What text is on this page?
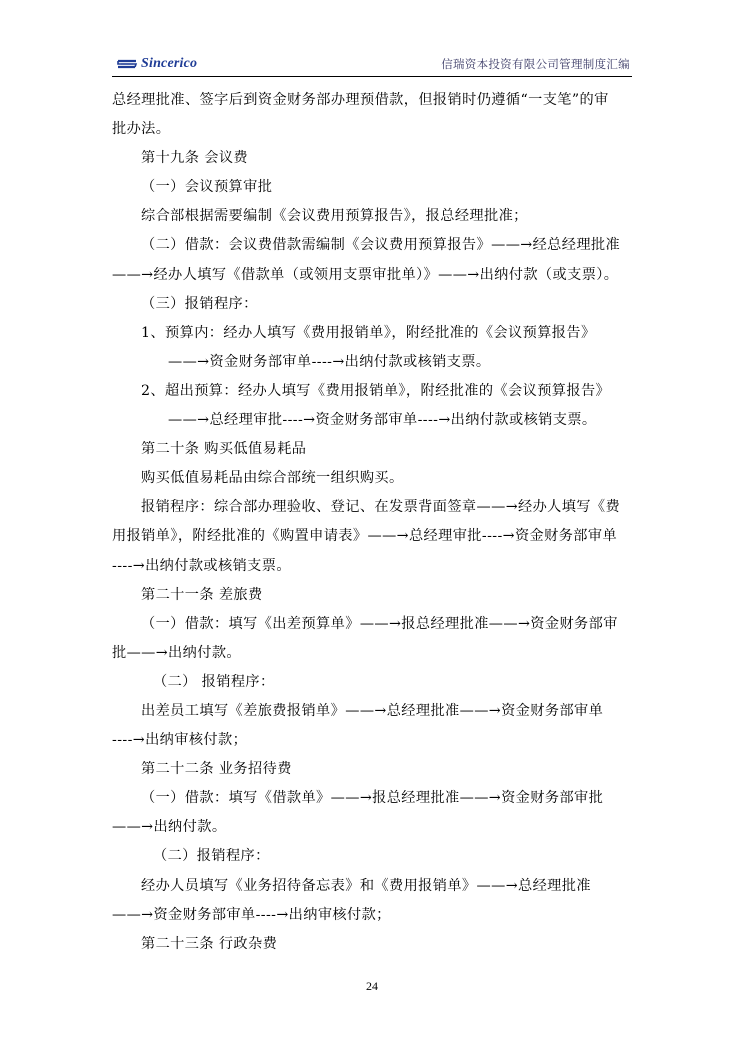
Sincerico	信瑞资本投资有限公司管理制度汇编

总经理批准、签字后到资金财务部办理预借款，但报销时仍遵循“一支笔”的审

批办法。

第十九条 会议费

（一）会议预算审批

综合部根据需要编制《会议费用预算报告》，报总经理批准；

（二）借款：会议费借款需编制《会议费用预算报告》——→经总经理批准

——→经办人填写《借款单（或领用支票审批单）》——→出纳付款（或支票）。

（三）报销程序：

1、预算内：经办人填写《费用报销单》，附经批准的《会议预算报告》

——→资金财务部审单----→出纳付款或核销支票。

2、超出预算：经办人填写《费用报销单》，附经批准的《会议预算报告》

——→总经理审批----→资金财务部审单----→出纳付款或核销支票。

第二十条 购买低值易耗品

购买低值易耗品由综合部统一组织购买。

报销程序：综合部办理验收、登记、在发票背面签章——→经办人填写《费

用报销单》，附经批准的《购置申请表》——→总经理审批----→资金财务部审单

----→出纳付款或核销支票。

第二十一条 差旅费

（一）借款：填写《出差预算单》——→报总经理批准——→资金财务部审

批——→出纳付款。

（二） 报销程序：

出差员工填写《差旅费报销单》——→总经理批准——→资金财务部审单

----→出纳审核付款；

第二十二条 业务招待费

（一）借款：填写《借款单》——→报总经理批准——→资金财务部审批

——→出纳付款。

（二）报销程序：

经办人员填写《业务招待备忘表》和《费用报销单》——→总经理批准

——→资金财务部审单----→出纳审核付款；

第二十三条 行政杂费

24
